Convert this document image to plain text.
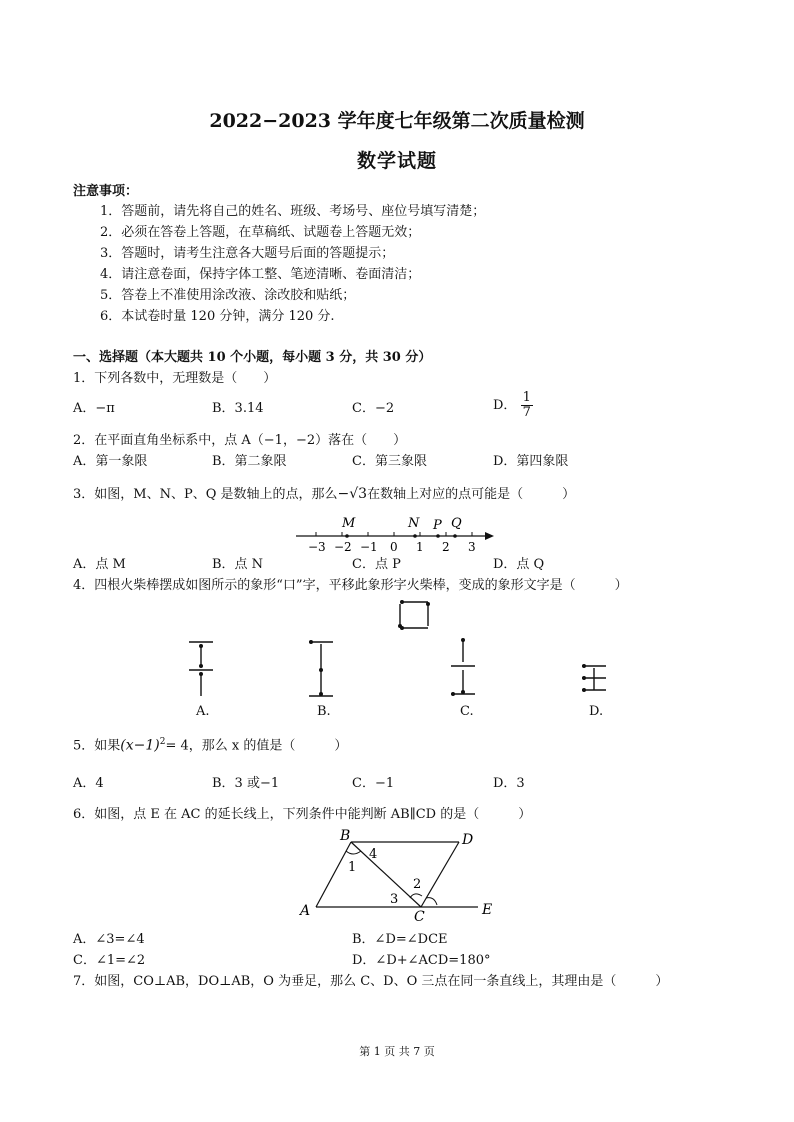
2022−2023 学年度七年级第二次质量检测
数学试题
注意事项：
1．答题前，请先将自己的姓名、班级、考场号、座位号填写清楚；
2．必须在答卷上答题，在草稿纸、试题卷上答题无效；
3．答题时，请考生注意各大题号后面的答题提示；
4．请注意卷面，保持字体工整、笔迹清晰、卷面清洁；
5．答卷上不准使用涂改液、涂改胶和贴纸；
6．本试卷时量 120 分钟，满分 120 分.
一、选择题（本大题共 10 个小题，每小题 3 分，共 30 分）
1．下列各数中，无理数是（　　）
A．−π	B．3.14	C．−2	D． $\frac{1}{7}$
2．在平面直角坐标系中，点 A（−1，−2）落在（　　）
A．第一象限	B．第二象限	C．第三象限	D．第四象限
3．如图，M、N、P、Q 是数轴上的点，那么−√3在数轴上对应的点可能是（　　　）
−3 −2 −1 0 1 2 3
M	N P Q
A．点 M	B．点 N	C．点 P	D．点 Q
4．四根火柴棒摆成如图所示的象形“口”字，平移此象形字火柴棒，变成的象形文字是（　　　）
A.	B.	C.	D.
5．如果$(x-1)^2= 4$，那么 x 的值是（　　　）
A．4	B．3 或−1	C．−1	D．3
6．如图，点 E 在 AC 的延长线上，下列条件中能判断 AB∥CD 的是（　　　）
A
B
C
D
E
1
2
3
4
A．∠3=∠4	B．∠D=∠DCE
C．∠1=∠2	D．∠D+∠ACD=180°
7．如图，CO⊥AB，DO⊥AB，O 为垂足，那么 C、D、O 三点在同一条直线上，其理由是（　　　）
第 1 页 共 7 页
